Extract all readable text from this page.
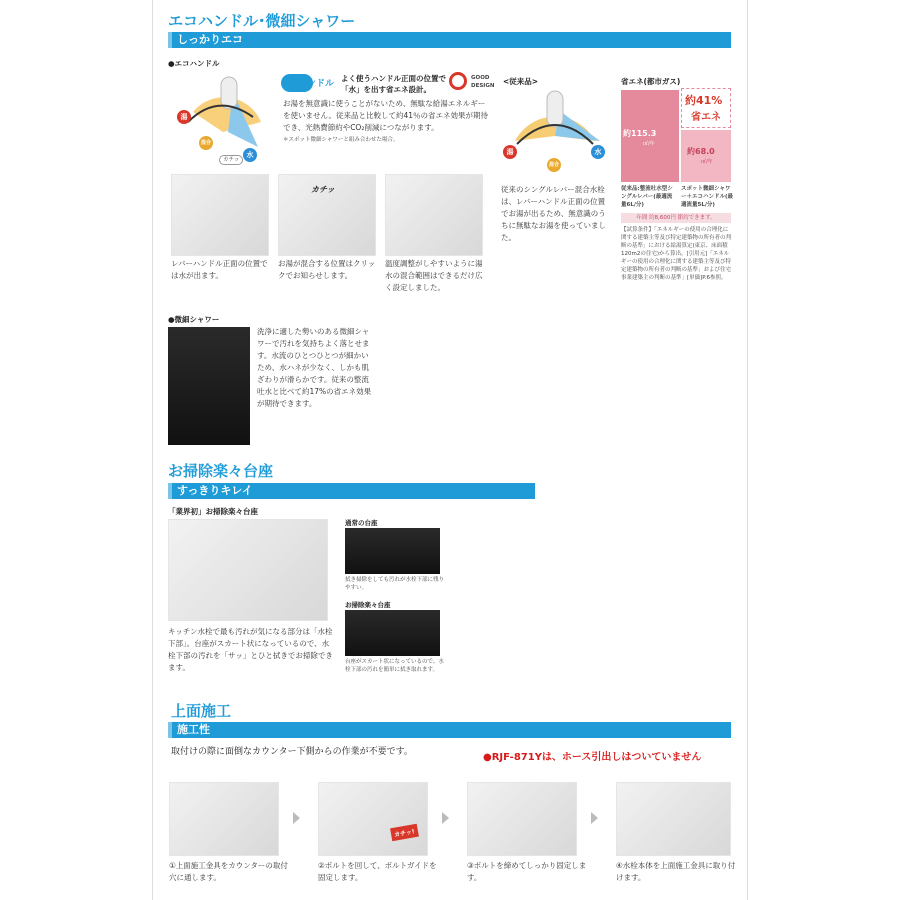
エコハンドル･微細シャワー
しっかりエコ
●エコハンドル
湯
水
混合
カチッ
ハンドル
よく使うハンドル正面の位置で「水」を出す省エネ設計。
GOOD DESIGN
お湯を無意識に使うことがないため、無駄な給湯エネルギーを使いません。従来品と比較して約41％の省エネ効果が期待でき、光熱費節約やCO₂削減につながります。
＊スポット微細シャワーと組み合わせた場合。
<従来品>
湯	水
混合
従来のシングルレバー混合水栓は、レバーハンドル正面の位置でお湯が出るため、無意識のうちに無駄なお湯を使っていました。
省エネ(都市ガス)
約115.3
㎥/年
約41%
省エネ
約68.0
㎥/年
従来品:整流吐水型シングルレバー(最適流量6L/分)
スポット微細シャワー＋エコハンドル(最適流量5L/分)
年間 約8,600円 節約できます。
【試算条件】「エネルギーの使用の合理化に関する建築主等及び特定建築物の所有者の判断の基準」における給湯算定(東京、床面積120m2の住宅)から算出。[引用元]「エネルギーの使用の合理化に関する建築主等及び特定建築物の所有者の判断の基準」および住宅事業建築主の判断の基準」[単価]P.6参照。
カチッ
レバーハンドル正面の位置では水が出ます。
お湯が混合する位置はクリックでお知らせします。
温度調整がしやすいように湯水の混合範囲はできるだけ広く設定しました。
●微細シャワー
洗浄に適した勢いのある微細シャワーで汚れを気持ちよく落とせます。水流のひとつひとつが細かいため、水ハネが少なく、しかも肌ざわりが滑らかです。従来の整流吐水と比べて約17%の省エネ効果が期待できます。
お掃除楽々台座
すっきりキレイ
「業界初」お掃除楽々台座
キッチン水栓で最も汚れが気になる部分は「水栓下部」。台座がスカート状になっているので、水栓下部の汚れを「サッ」とひと拭きでお掃除できます。
通常の台座
拭き掃除をしても汚れが水栓下部に残りやすい。
お掃除楽々台座
台座がスカート状になっているので、水栓下部の汚れを簡単に拭き取れます。
上面施工
施工性
取付けの際に面倒なカウンター下側からの作業が不要です。	●RJF-871Yは、ホース引出しはついていません
カチッ!
①上面施工金具をカウンターの取付穴に通します。
②ボルトを回して、ボルトガイドを固定します。
③ボルトを締めてしっかり固定します。
④水栓本体を上面施工金具に取り付けます。
